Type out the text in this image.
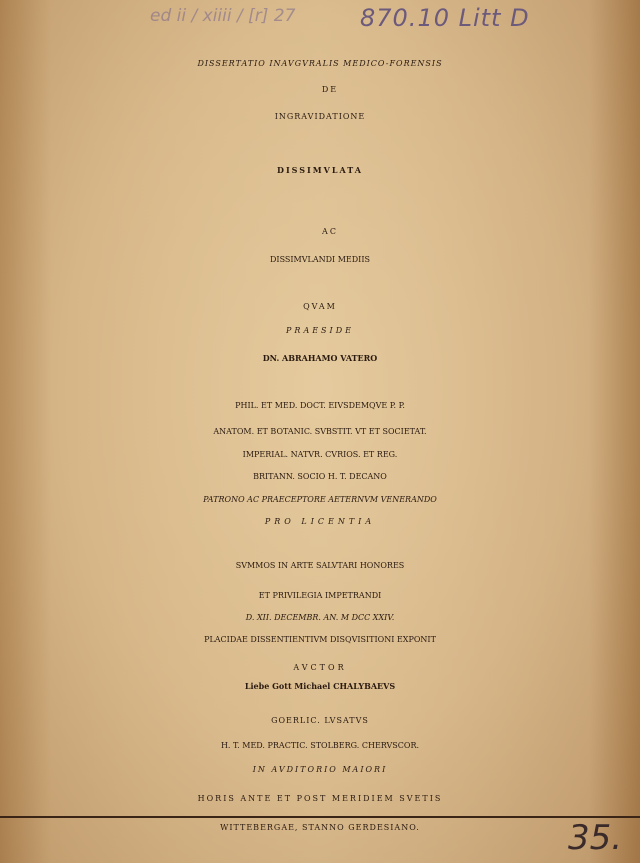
ed ii / xiiii / [r] 27	870.10 Litt D

DISSERTATIO INAVGVRALIS MEDICO-FORENSIS

DE

INGRAVIDATIONE

DISSIMVLATA

AC

DISSIMVLANDI MEDIIS

QVAM

PRAESIDE

DN. ABRAHAMO VATERO

PHIL. ET MED. DOCT. EIVSDEMQVE P. P.

ANATOM. ET BOTANIC. SVBSTIT. VT ET SOCIETAT.

IMPERIAL. NATVR. CVRIOS. ET REG.

BRITANN. SOCIO H. T. DECANO

PATRONO AC PRAECEPTORE AETERNVM VENERANDO

PRO LICENTIA

SVMMOS IN ARTE SALVTARI HONORES

ET PRIVILEGIA IMPETRANDI

D. XII. DECEMBR. AN. M DCC XXIV.

PLACIDAE DISSENTIENTIVM DISQVISITIONI EXPONIT

AVCTOR

Liebe Gott Michael CHALYBAEVS

GOERLIC. LVSATVS

H. T. MED. PRACTIC. STOLBERG. CHERVSCOR.

IN AVDITORIO MAIORI

HORIS ANTE ET POST MERIDIEM SVETIS

WITTEBERGAE, STANNO GERDESIANO.	35.
